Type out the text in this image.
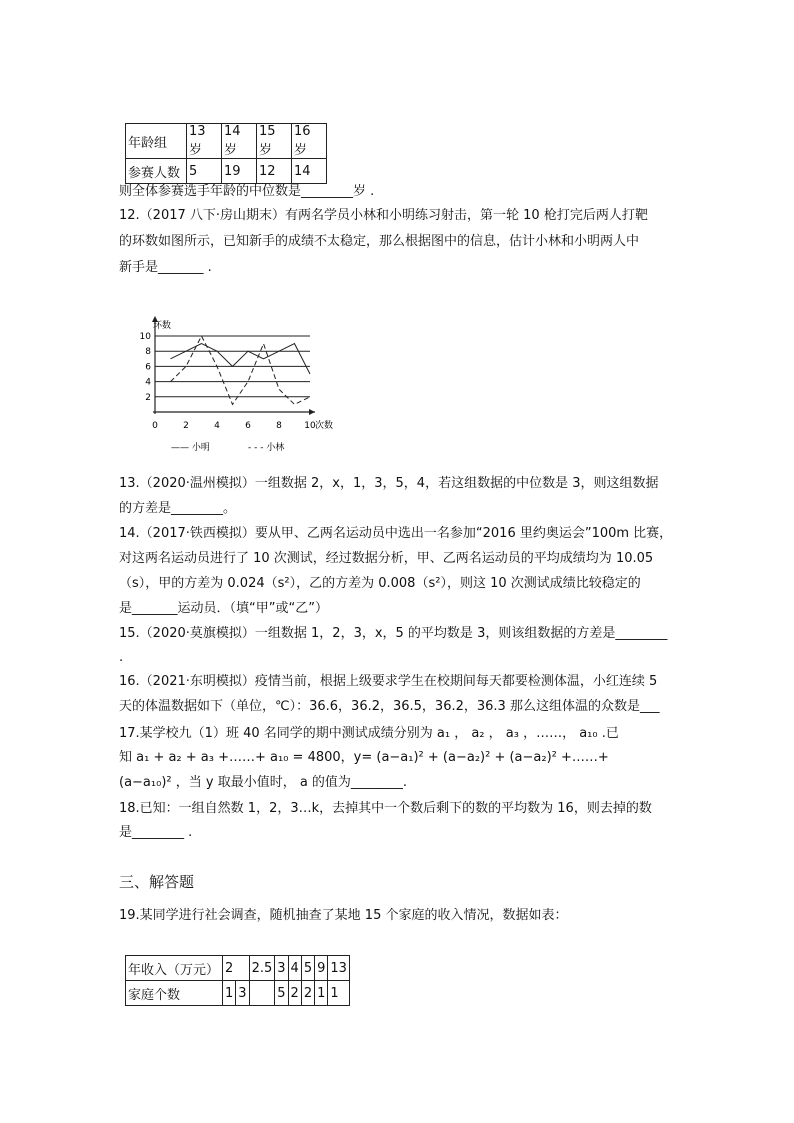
年龄组	13 岁	14 岁	15 岁	16 岁
参赛人数	5	19	12	14
则全体参赛选手年龄的中位数是________岁 .
12.（2017 八下·房山期末）有两名学员小林和小明练习射击，第一轮 10 枪打完后两人打靶
的环数如图所示，已知新手的成绩不太稳定，那么根据图中的信息，估计小林和小明两人中
新手是_______ .
2
4
6
8
10
0	2	4	6	8 10
环数
次数
—— 小明	- - - 小林
13.（2020·温州模拟）一组数据 2，x，1，3，5，4，若这组数据的中位数是 3，则这组数据
的方差是________。
14.（2017·铁西模拟）要从甲、乙两名运动员中选出一名参加“2016 里约奥运会”100m 比赛，
对这两名运动员进行了 10 次测试，经过数据分析，甲、乙两名运动员的平均成绩均为 10.05
（s），甲的方差为 0.024（s²），乙的方差为 0.008（s²），则这 10 次测试成绩比较稳定的
是_______运动员．（填“甲”或“乙”）
15.（2020·莫旗模拟）一组数据 1，2，3，x，5 的平均数是 3，则该组数据的方差是________
.
16.（2021·东明模拟）疫情当前，根据上级要求学生在校期间每天都要检测体温，小红连续 5
天的体温数据如下（单位，℃）：36.6，36.2，36.5，36.2，36.3 那么这组体温的众数是___
17.某学校九（1）班 40 名同学的期中测试成绩分别为 a₁ ， a₂ ， a₃ ，……， a₁₀ .已
知 a₁ + a₂ + a₃ +……+ a₁₀ = 4800，y= (a−a₁)² + (a−a₂)² + (a−a₂)² +……+
(a−a₁₀)² ，当 y 取最小值时， a 的值为________.
18.已知：一组自然数 1，2，3…k，去掉其中一个数后剩下的数的平均数为 16，则去掉的数
是________ .
三、解答题
19.某同学进行社会调查，随机抽查了某地 15 个家庭的收入情况，数据如表：
年收入（万元）	2		2.5	3	4	5	9	13
家庭个数	1	3		5	2	2	1	1
